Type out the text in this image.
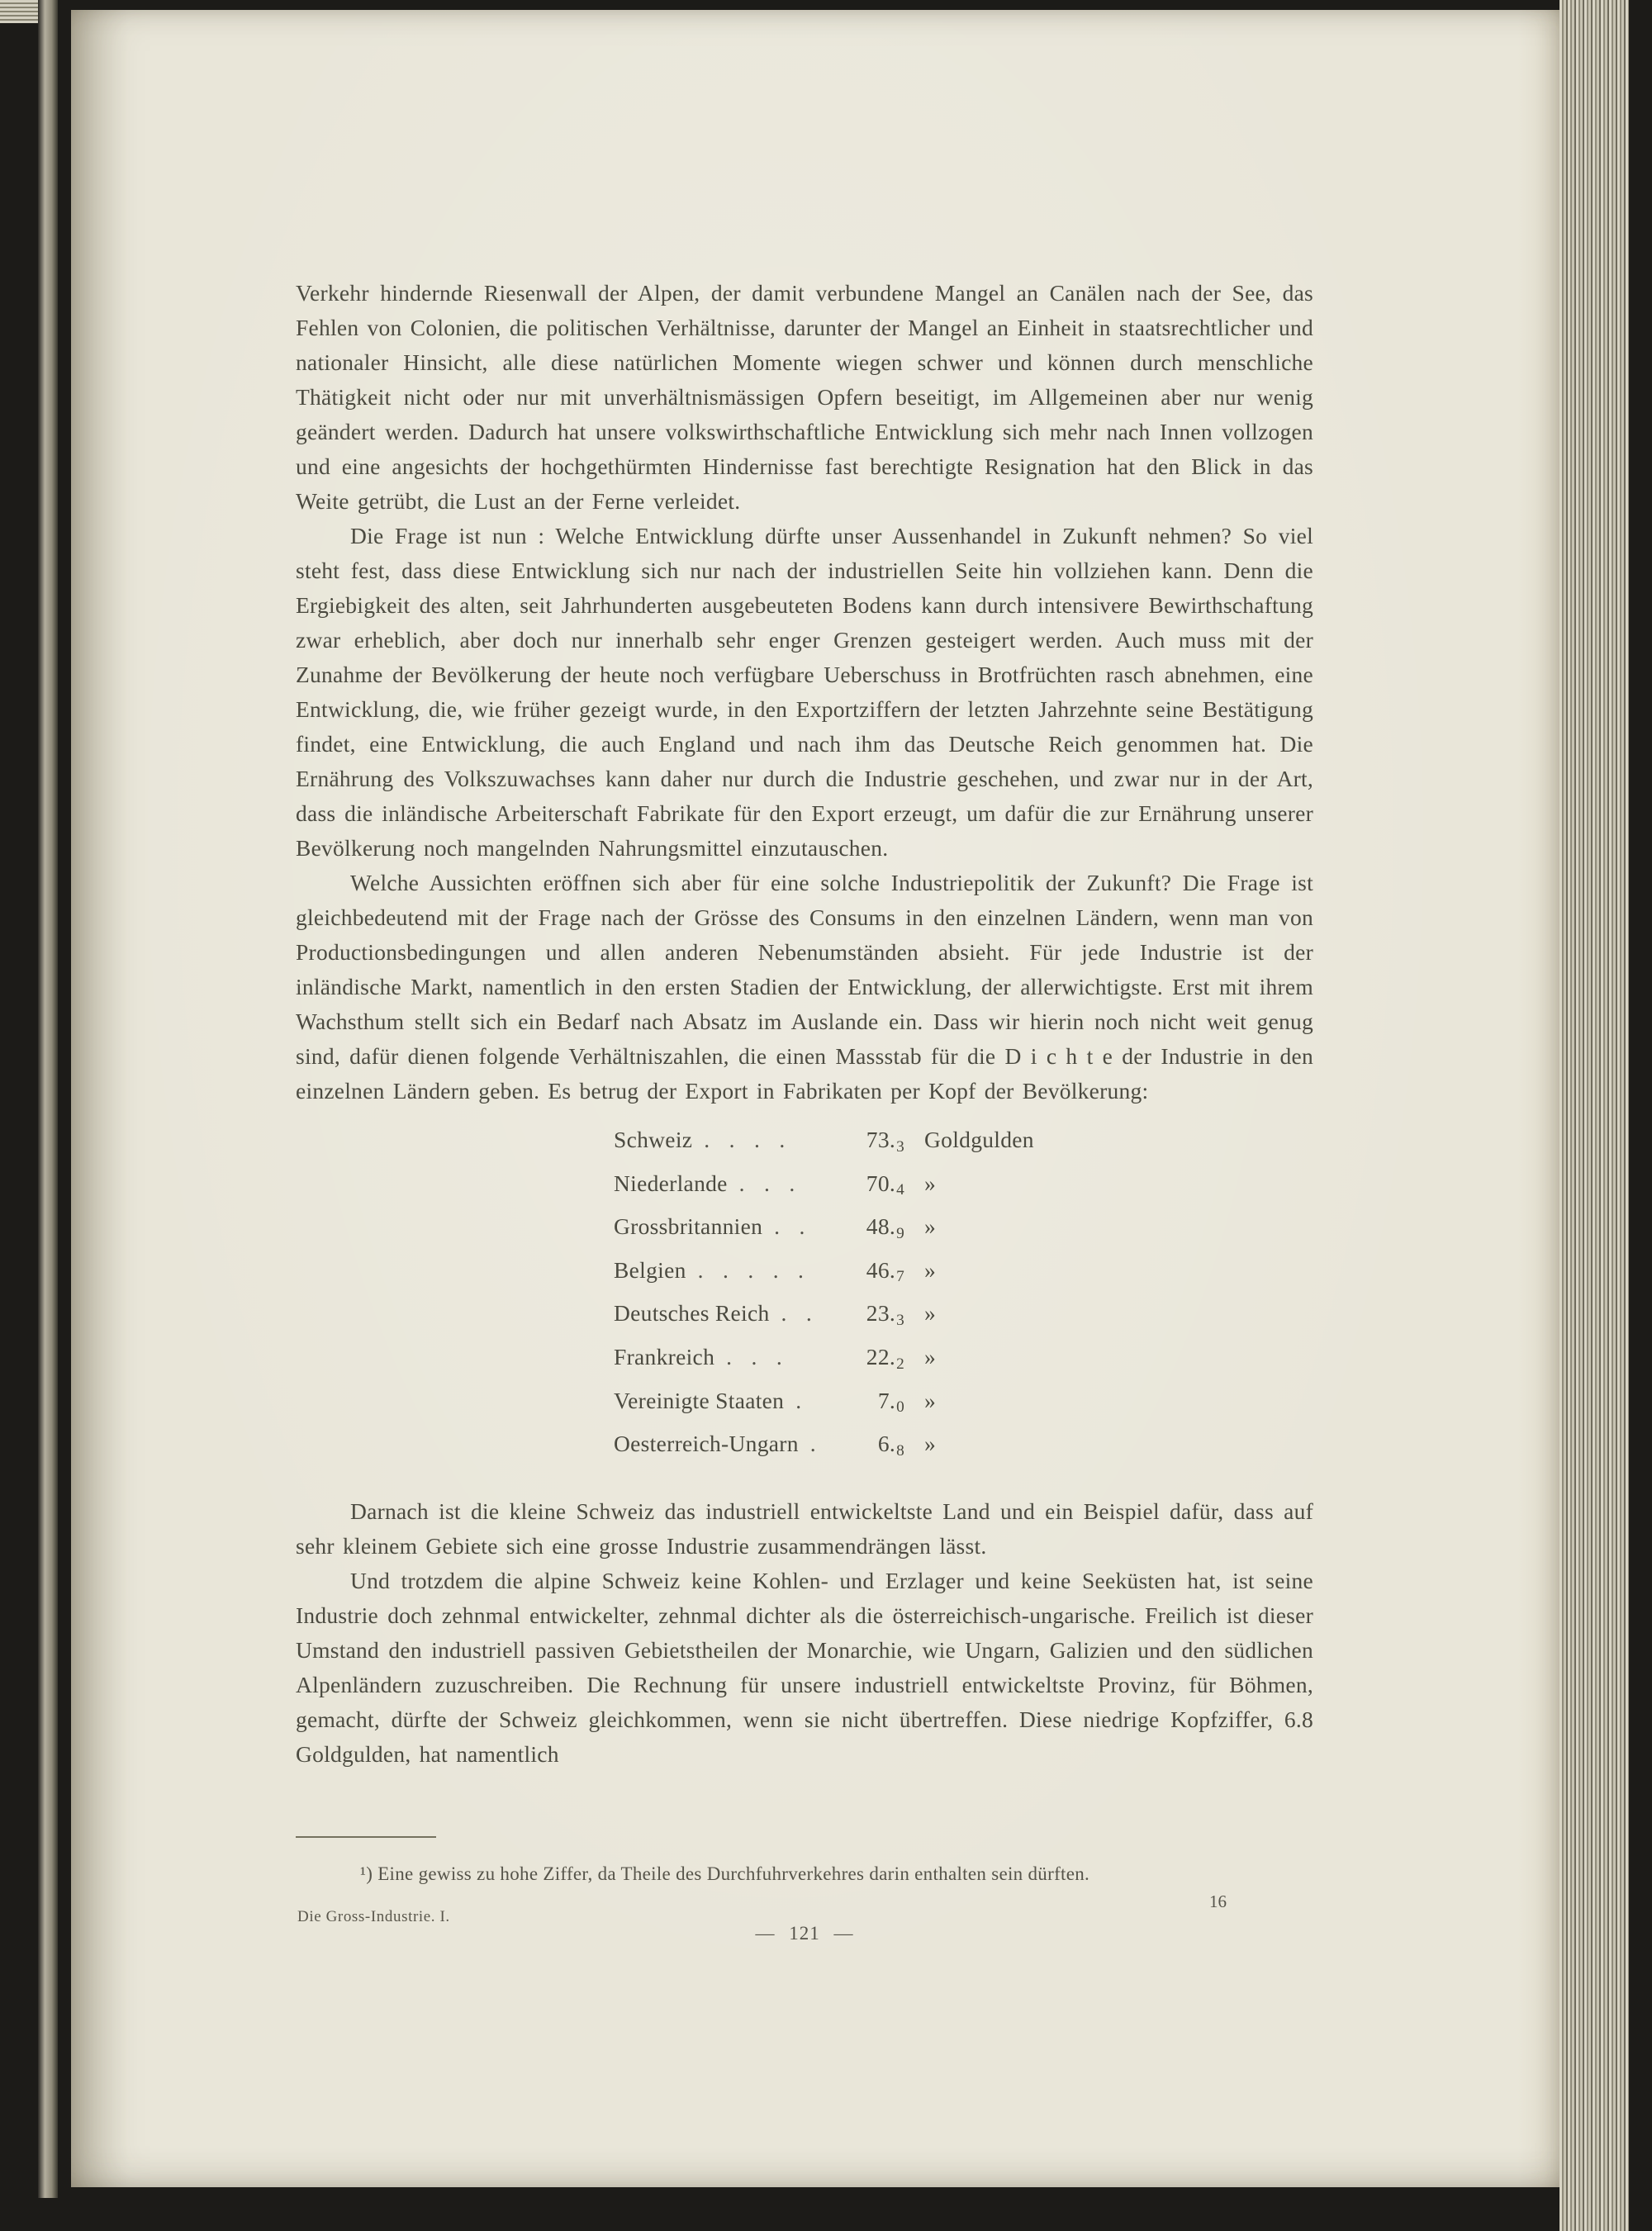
Verkehr hindernde Riesenwall der Alpen, der damit verbundene Mangel an Canälen nach der See, das Fehlen von Colonien, die politischen Verhältnisse, darunter der Mangel an Einheit in staatsrechtlicher und nationaler Hinsicht, alle diese natürlichen Momente wiegen schwer und können durch menschliche Thätigkeit nicht oder nur mit unverhältnismässigen Opfern beseitigt, im Allgemeinen aber nur wenig geändert werden. Dadurch hat unsere volkswirthschaftliche Entwicklung sich mehr nach Innen vollzogen und eine angesichts der hochgethürmten Hindernisse fast berechtigte Resignation hat den Blick in das Weite getrübt, die Lust an der Ferne verleidet.

Die Frage ist nun : Welche Entwicklung dürfte unser Aussenhandel in Zukunft nehmen? So viel steht fest, dass diese Entwicklung sich nur nach der industriellen Seite hin vollziehen kann. Denn die Ergiebigkeit des alten, seit Jahrhunderten ausgebeuteten Bodens kann durch intensivere Bewirthschaftung zwar erheblich, aber doch nur innerhalb sehr enger Grenzen gesteigert werden. Auch muss mit der Zunahme der Bevölkerung der heute noch verfügbare Ueberschuss in Brotfrüchten rasch abnehmen, eine Entwicklung, die, wie früher gezeigt wurde, in den Exportziffern der letzten Jahrzehnte seine Bestätigung findet, eine Entwicklung, die auch England und nach ihm das Deutsche Reich genommen hat. Die Ernährung des Volkszuwachses kann daher nur durch die Industrie geschehen, und zwar nur in der Art, dass die inländische Arbeiterschaft Fabrikate für den Export erzeugt, um dafür die zur Ernährung unserer Bevölkerung noch mangelnden Nahrungsmittel einzutauschen.

Welche Aussichten eröffnen sich aber für eine solche Industriepolitik der Zukunft? Die Frage ist gleichbedeutend mit der Frage nach der Grösse des Consums in den einzelnen Ländern, wenn man von Productionsbedingungen und allen anderen Nebenumständen absieht. Für jede Industrie ist der inländische Markt, namentlich in den ersten Stadien der Entwicklung, der allerwichtigste. Erst mit ihrem Wachsthum stellt sich ein Bedarf nach Absatz im Auslande ein. Dass wir hierin noch nicht weit genug sind, dafür dienen folgende Verhältniszahlen, die einen Massstab für die D i c h t e der Industrie in den einzelnen Ländern geben. Es betrug der Export in Fabrikaten per Kopf der Bevölkerung:

Schweiz . . . .	$73._3$ Goldgulden
Niederlande . . .	$70._4$ »
Grossbritannien . .	$48._9$ »
Belgien . . . . .	$46._7$ »
Deutsches Reich . .	$23._3$ »
Frankreich . . .	$22._2$ »
Vereinigte Staaten .	$7._0$ »
Oesterreich-Ungarn .	$6._8$ »

Darnach ist die kleine Schweiz das industriell entwickeltste Land und ein Beispiel dafür, dass auf sehr kleinem Gebiete sich eine grosse Industrie zusammendrängen lässt.

Und trotzdem die alpine Schweiz keine Kohlen- und Erzlager und keine Seeküsten hat, ist seine Industrie doch zehnmal entwickelter, zehnmal dichter als die österreichisch-ungarische. Freilich ist dieser Umstand den industriell passiven Gebietstheilen der Monarchie, wie Ungarn, Galizien und den südlichen Alpenländern zuzuschreiben. Die Rechnung für unsere industriell entwickeltste Provinz, für Böhmen, gemacht, dürfte der Schweiz gleichkommen, wenn sie nicht übertreffen. Diese niedrige Kopfziffer, 6.8 Goldgulden, hat namentlich

¹) Eine gewiss zu hohe Ziffer, da Theile des Durchfuhrverkehres darin enthalten sein dürften.

Die Gross-Industrie. I.
16
— 121 —
